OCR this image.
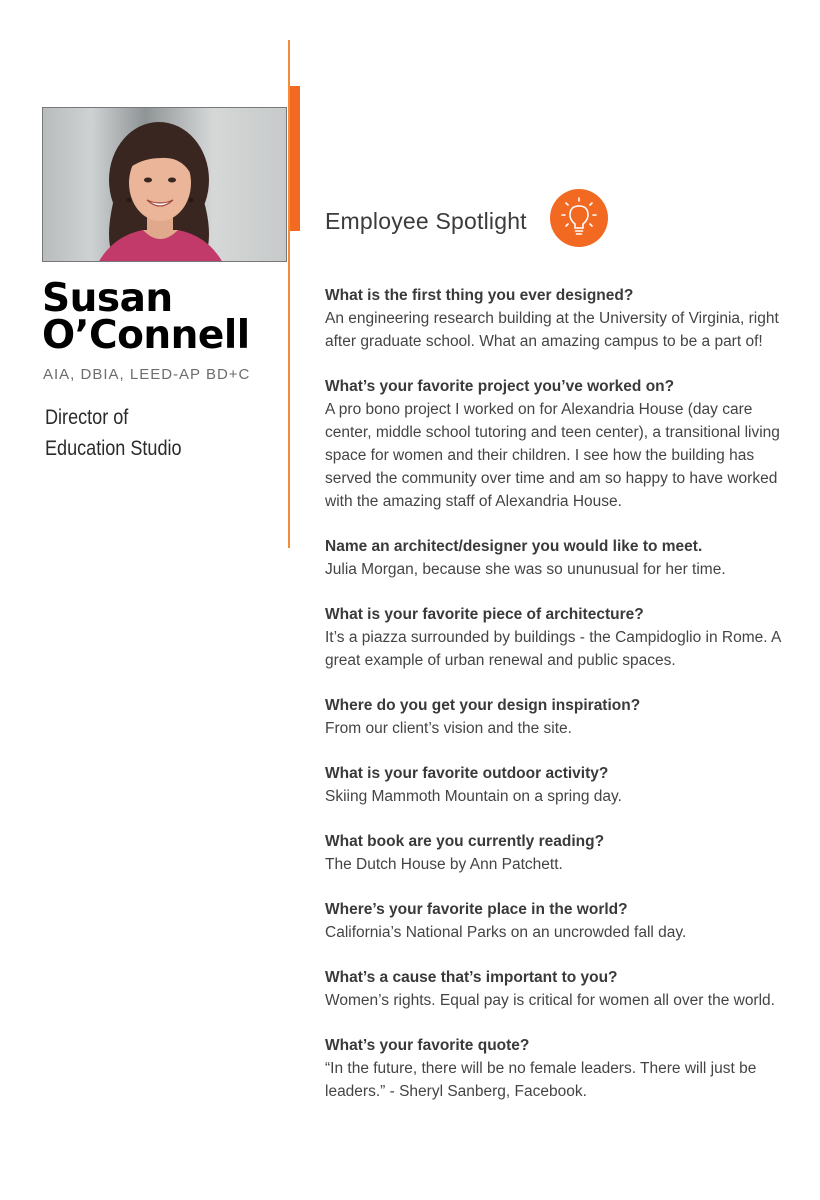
Susan
O’Connell
AIA, DBIA, LEED-AP BD+C
Director of
Education Studio
Employee Spotlight
What is the first thing you ever designed?
An engineering research building at the University of Virginia, right after graduate school. What an amazing campus to be a part of!
What’s your favorite project you’ve worked on?
A pro bono project I worked on for Alexandria House (day care center, middle school tutoring and teen center), a transitional living space for women and their children. I see how the building has served the community over time and am so happy to have worked with the amazing staff of Alexandria House.
Name an architect/designer you would like to meet.
Julia Morgan, because she was so ununusual for her time.
What is your favorite piece of architecture?
It’s a piazza surrounded by buildings - the Campidoglio in Rome. A great example of urban renewal and public spaces.
Where do you get your design inspiration?
From our client’s vision and the site.
What is your favorite outdoor activity?
Skiing Mammoth Mountain on a spring day.
What book are you currently reading?
The Dutch House by Ann Patchett.
Where’s your favorite place in the world?
California’s National Parks on an uncrowded fall day.
What’s a cause that’s important to you?
Women’s rights. Equal pay is critical for women all over the world.
What’s your favorite quote?
“In the future, there will be no female leaders. There will just be leaders.” - Sheryl Sanberg, Facebook.
